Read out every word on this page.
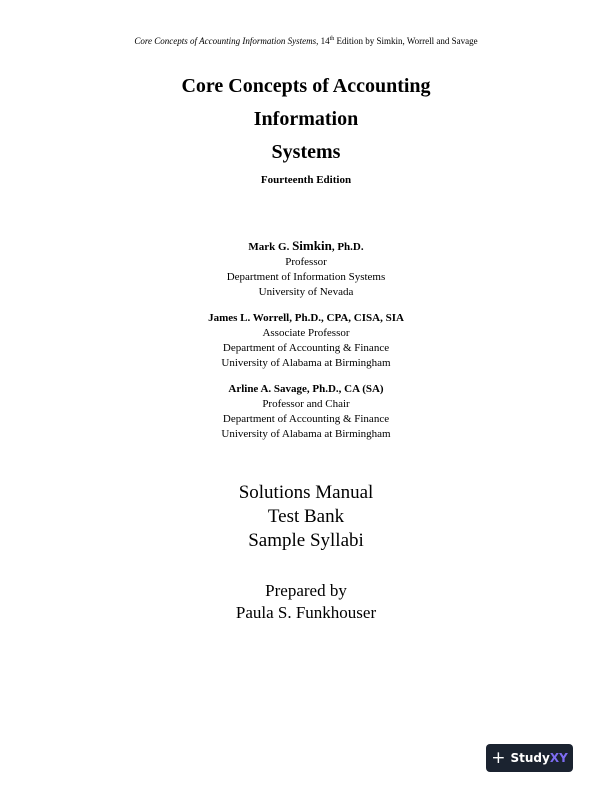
Core Concepts of Accounting Information Systems, 14th Edition by Simkin, Worrell and Savage
Core Concepts of Accounting
Information
Systems
Fourteenth Edition
Mark G. Simkin, Ph.D.
Professor
Department of Information Systems
University of Nevada
James L. Worrell, Ph.D., CPA, CISA, SIA
Associate Professor
Department of Accounting & Finance
University of Alabama at Birmingham
Arline A. Savage, Ph.D., CA (SA)
Professor and Chair
Department of Accounting & Finance
University of Alabama at Birmingham
Solutions Manual
Test Bank
Sample Syllabi
Prepared by
Paula S. Funkhouser
+ Study XY
